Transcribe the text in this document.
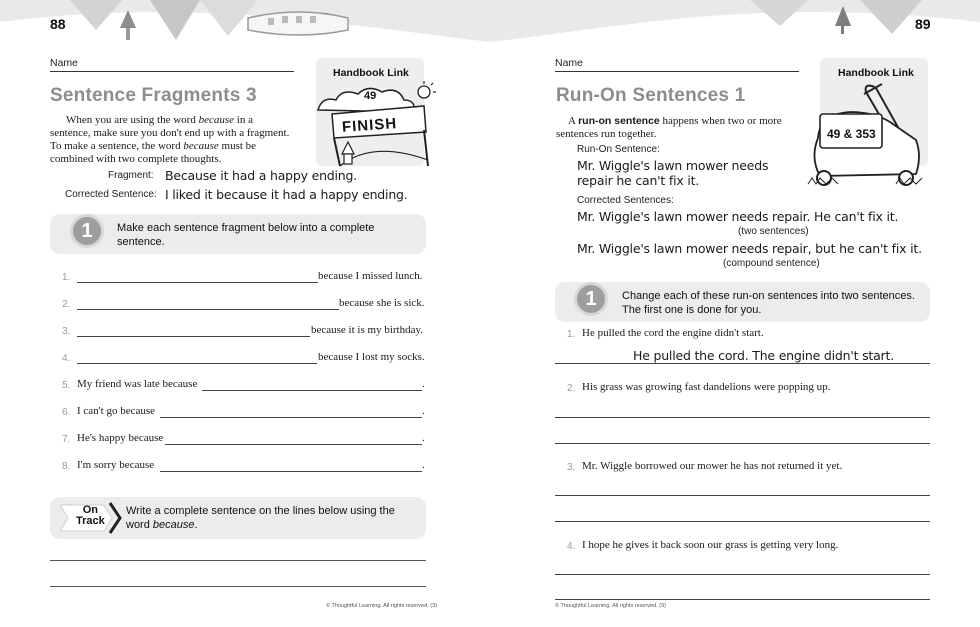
88
Name
Sentence Fragments 3
Handbook Link
49
FINISH
When you are using the word because in a sentence, make sure you don't end up with a fragment. To make a sentence, the word because must be combined with two complete thoughts.
Fragment: Because it had a happy ending.
Corrected Sentence: I liked it because it had a happy ending.
1	Make each sentence fragment below into a complete sentence.
1.	because I missed lunch.
2.	because she is sick.
3.	because it is my birthday.
4.	because I lost my socks.
5. My friend was late because	.
6. I can't go because	.
7. He's happy because	.
8. I'm sorry because	.
On
Track
Write a complete sentence on the lines below using the word because.
© Thoughtful Learning. All rights reserved. (3)
89
Name
Run-On Sentences 1
Handbook Link
49 & 353
A run-on sentence happens when two or more sentences run together.
Run-On Sentence:
Mr. Wiggle's lawn mower needs
repair he can't fix it.
Corrected Sentences:
Mr. Wiggle's lawn mower needs repair. He can't fix it.
(two sentences)
Mr. Wiggle's lawn mower needs repair, but he can't fix it.
(compound sentence)
1	Change each of these run-on sentences into two sentences.
The first one is done for you.
1. He pulled the cord the engine didn't start.
He pulled the cord. The engine didn't start.
2. His grass was growing fast dandelions were popping up.
3. Mr. Wiggle borrowed our mower he has not returned it yet.
4. I hope he gives it back soon our grass is getting very long.
© Thoughtful Learning. All rights reserved. (9)
